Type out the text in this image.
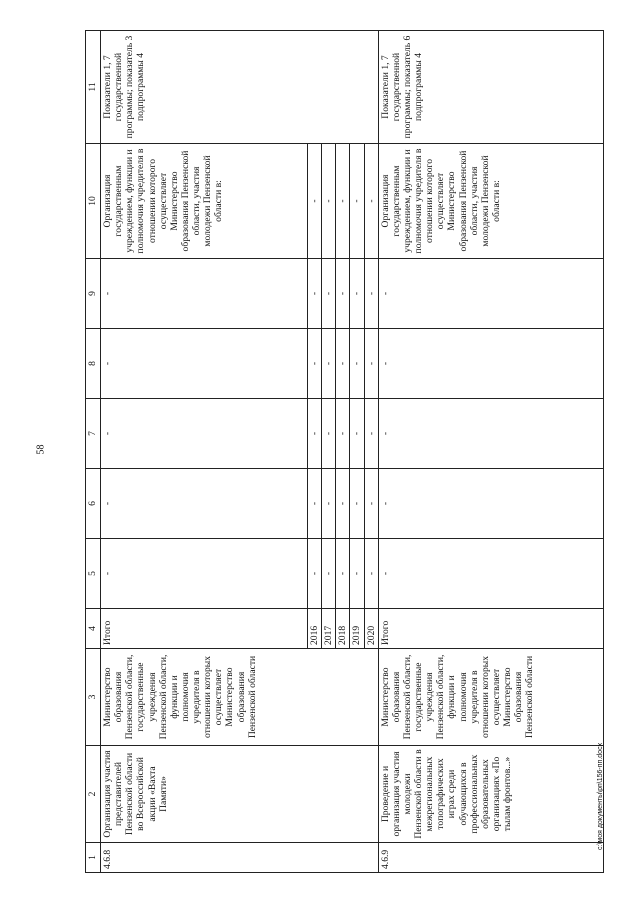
58
1	2	3	4	5	6	7	8	9	10	11
4.6.8	Организация участия представителей Пензенской области во Всероссийской акции «Вахта Памяти»	Министерство образования Пензенской области, государственные учреждения Пензенской области, функции и полномочия учредителя в отношении которых осуществляет Министерство образования Пензенской области	Итого	-	-	-	-	-	Организация государственным учреждением, функции и полномочия учредителя в отношении которого осуществляет Министерство образования Пензенской области, участия молодежи Пензенской области в:	Показатели 1, 7 государственной программы; показатель 3 подпрограммы 4
			2016	-	-	-	-	-	-	
			2017	-	-	-	-	-	-	
			2018	-	-	-	-	-	-	
			2019	-	-	-	-	-	-	
			2020	-	-	-	-	-	-	
4.6.9	Проведение и организация участия молодежи Пензенской области в межрегиональных топографических играх среди обучающихся в профессиональных образовательных организациях «По тылам фронтов...»	Министерство образования Пензенской области, государственные учреждения Пензенской области, функции и полномочия учредителя в отношении которых осуществляет Министерство образования Пензенской области	Итого	-	-	-	-	-	Организация государственным учреждением, функции и полномочия учредителя в отношении которого осуществляет Министерство образования Пензенской области, участия молодежи Пензенской области в:	Показатели 1, 7 государственной программы; показатель 6 подпрограммы 4
c:\моя документы\рп\156-пп.docx
